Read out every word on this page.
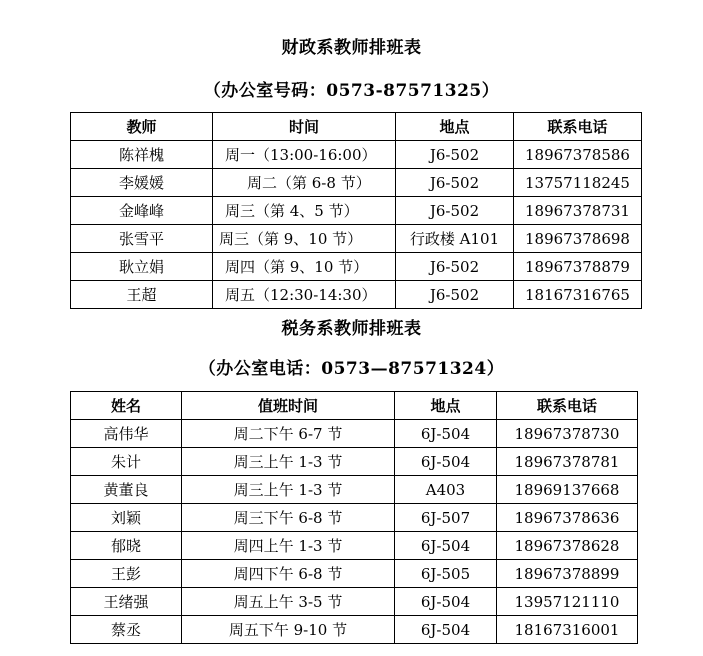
财政系教师排班表
（办公室号码：0573-87571325）
教师	时间	地点	联系电话
陈祥槐	周一（13:00-16:00）	J6-502	18967378586
李媛媛	周二（第 6-8 节）	J6-502	13757118245
金峰峰	周三（第 4、5 节）	J6-502	18967378731
张雪平	周三（第 9、10 节）	行政楼 A101	18967378698
耿立娟	周四（第 9、10 节）	J6-502	18967378879
王超	周五（12:30-14:30）	J6-502	18167316765
税务系教师排班表
（办公室电话：0573—87571324）
姓名	值班时间	地点	联系电话
高伟华	周二下午 6-7 节	6J-504	18967378730
朱计	周三上午 1-3 节	6J-504	18967378781
黄董良	周三上午 1-3 节	A403	18969137668
刘颖	周三下午 6-8 节	6J-507	18967378636
郁晓	周四上午 1-3 节	6J-504	18967378628
王彭	周四下午 6-8 节	6J-505	18967378899
王绪强	周五上午 3-5 节	6J-504	13957121110
蔡丞	周五下午 9-10 节	6J-504	18167316001
